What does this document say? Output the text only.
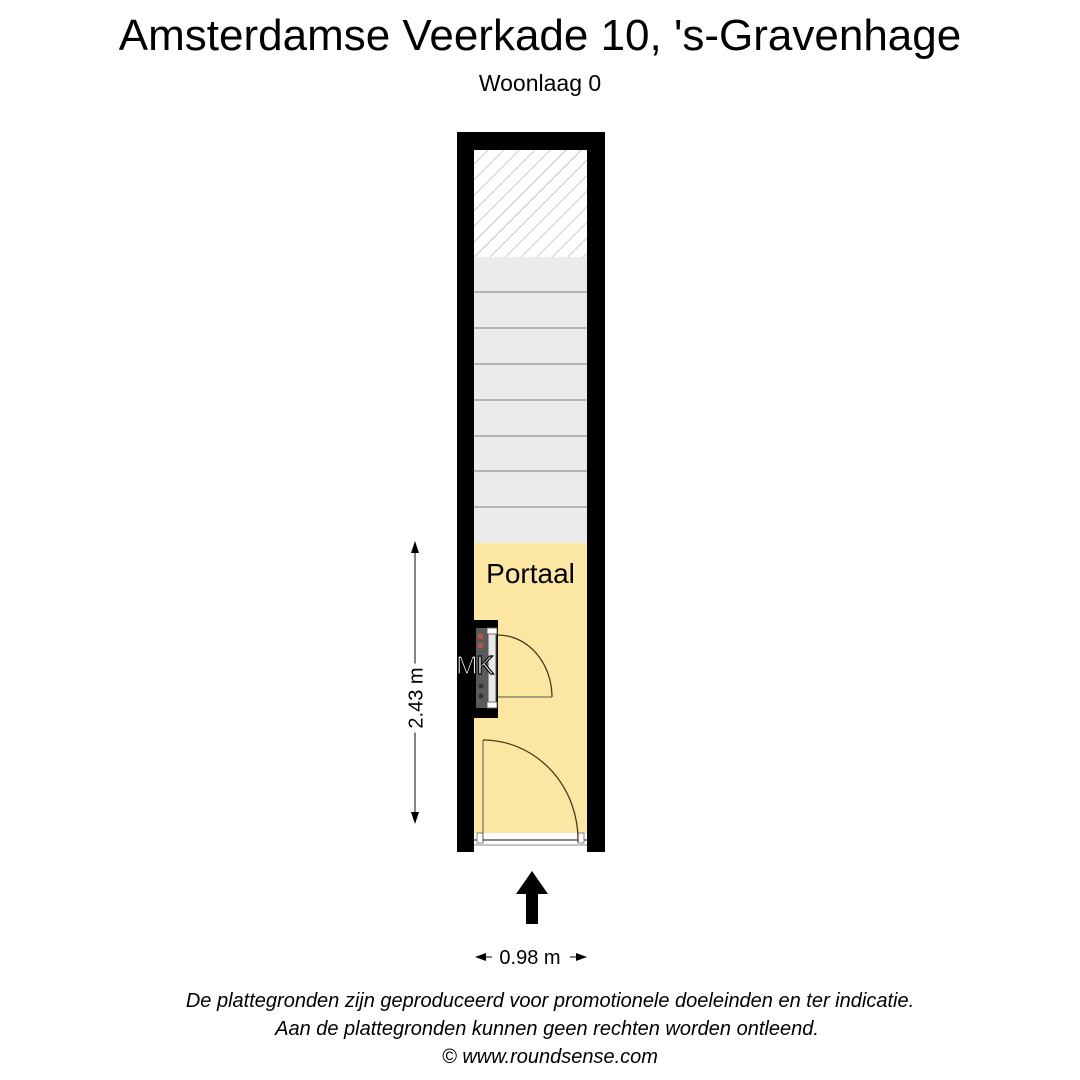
Amsterdamse Veerkade 10, 's-Gravenhage
Woonlaag 0
Portaal
MK
2.43 m
0.98 m
De plattegronden zijn geproduceerd voor promotionele doeleinden en ter indicatie.
Aan de plattegronden kunnen geen rechten worden ontleend.
© www.roundsense.com
